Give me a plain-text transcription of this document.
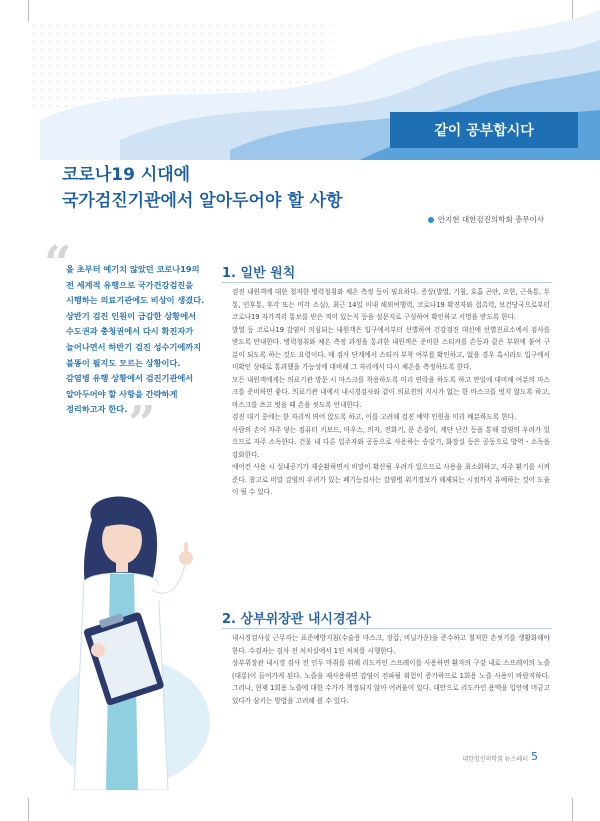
같이 공부합시다
코로나19 시대에
국가검진기관에서 알아두어야 할 사항
안지현 대한검진의학회 총무이사
“
”
올 초부터 예기치 않았던 코로나19의
전 세계적 유행으로 국가건강검진을
시행하는 의료기관에도 비상이 생겼다.
상반기 검진 인원이 급감한 상황에서
수도권과 충청권에서 다시 확진자가
늘어나면서 하반기 검진 성수기에까지
불똥이 튈지도 모르는 상황이다.
감염병 유행 상황에서 검진기관에서
알아두어야 할 사항을 간략하게
정리하고자 한다.
1. 일반 원칙

검진 내원객에 대한 철저한 병력청취와 체온 측정 등이 필요하다. 증상(발열, 기침, 호흡 곤란, 오한, 근육통, 두통, 인후통, 후각 또는 미각 소실), 최근 14일 이내 해외여행력, 코로나19 확진자와 접촉력, 보건당국으로부터 코로나19 자가격리 통보를 받은 적이 있는지 등을 설문지로 구성하여 확인하고 서명을 받도록 한다.

발열 등 코로나19 감염이 의심되는 내원객은 입구에서부터 선별하여 건강검진 대신에 선별진료소에서 검사를 받도록 안내한다. 병력청취와 체온 측정 과정을 통과한 내원객은 준비한 스티커를 손등과 같은 부위에 붙여 구분이 되도록 하는 것도 요령이다. 매 검사 단계에서 스티커 부착 여부를 확인하고, 없을 경우 혹시라도 입구에서 미확인 상태로 통과했을 가능성에 대비해 그 자리에서 다시 체온을 측정하도록 한다.

모든 내원객에게는 의료기관 방문 시 마스크를 착용하도록 미리 연락을 하도록 하고 만일에 대비해 여분의 마스크를 준비하면 좋다. 의료기관 내에서 내시경검사와 같이 의료진의 지시가 없는 한 마스크를 벗지 않도록 하고, 마스크를 쓰고 벗을 때 손을 씻도록 안내한다.

검진 대기 중에는 한 자리씩 띄어 앉도록 하고, 이를 고려해 검진 예약 인원을 미리 배분하도록 한다.

사람의 손이 자주 닿는 컴퓨터 키보드, 마우스, 의자, 전화기, 문 손잡이, 계단 난간 등을 통해 감염의 우려가 있으므로 자주 소독한다. 건물 내 다른 입주자와 공동으로 사용하는 승강기, 화장실 등은 공동으로 방역・소독을 강화한다.

에어컨 사용 시 실내공기가 재순환하면서 비말이 확산될 우려가 있으므로 사용을 최소화하고, 자주 환기를 시켜준다. 참고로 비말 감염의 우려가 있는 폐기능검사는 감염병 위기경보가 해제되는 시점까지 유예하는 것이 도움이 될 수 있다.

2. 상부위장관 내시경검사

내시경검사실 근무자는 표준예방지침(수술용 마스크, 장갑, 비닐가운)을 준수하고 철저한 손씻기를 생활화해야 한다. 수검자는 검사 전 처치실에서 1인 처치를 시행한다.

상부위장관 내시경 검사 전 인두 마취를 위해 리도카인 스프레이를 사용하면 환자의 구강 내로 스프레이의 노즐(대롱)이 들어가게 된다. 노즐을 재사용하면 감염이 전파될 위험이 증가하므로 1회용 노즐 사용이 바람직하다. 그러나, 현재 1회용 노즐에 대한 수가가 책정되지 않아 어려움이 있다. 대안으로 리도카인 용액을 입안에 머금고 있다가 삼키는 방법을 고려해 볼 수 있다.

대한검진의학회 뉴스레터 5
